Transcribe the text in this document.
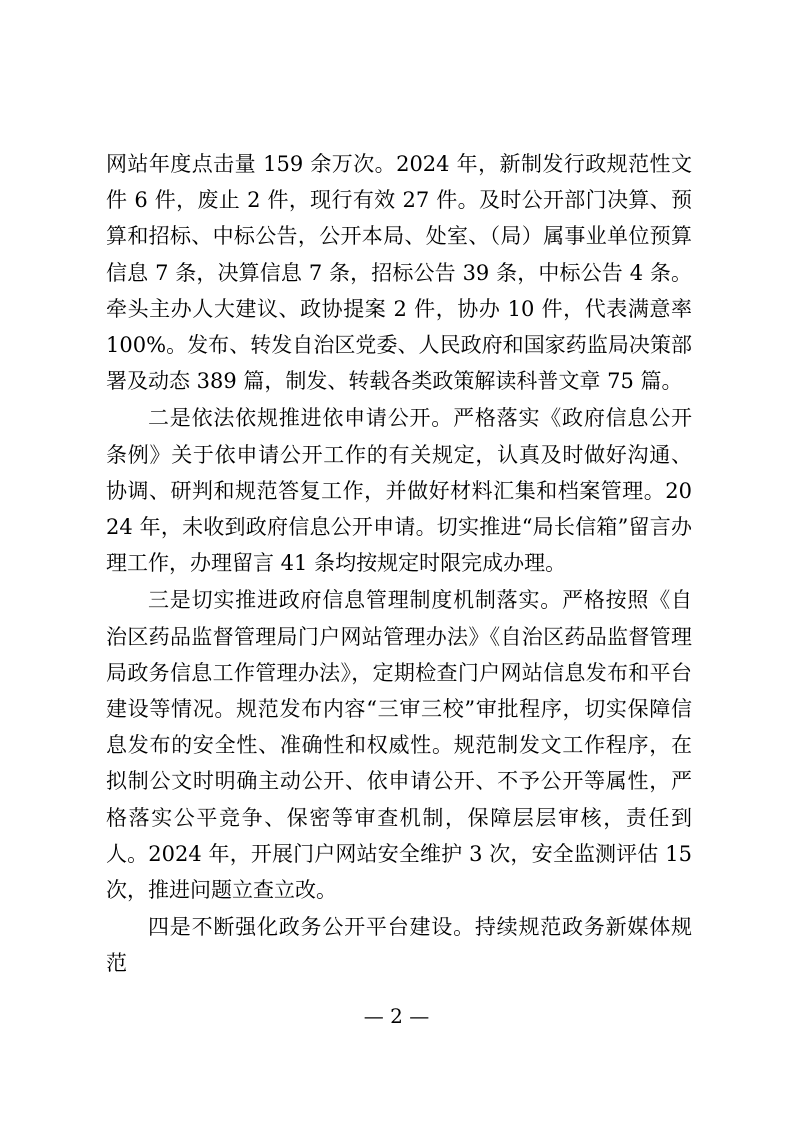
网站年度点击量 159 余万次。2024 年，新制发行政规范性文件 6 件，废止 2 件，现行有效 27 件。及时公开部门决算、预算和招标、中标公告，公开本局、处室、（局）属事业单位预算信息 7 条，决算信息 7 条，招标公告 39 条，中标公告 4 条。牵头主办人大建议、政协提案 2 件，协办 10 件，代表满意率 100%。发布、转发自治区党委、人民政府和国家药监局决策部署及动态 389 篇，制发、转载各类政策解读科普文章 75 篇。

二是依法依规推进依申请公开。严格落实《政府信息公开条例》关于依申请公开工作的有关规定，认真及时做好沟通、协调、研判和规范答复工作，并做好材料汇集和档案管理。2024 年，未收到政府信息公开申请。切实推进“局长信箱”留言办理工作，办理留言 41 条均按规定时限完成办理。

三是切实推进政府信息管理制度机制落实。严格按照《自治区药品监督管理局门户网站管理办法》《自治区药品监督管理局政务信息工作管理办法》，定期检查门户网站信息发布和平台建设等情况。规范发布内容“三审三校”审批程序，切实保障信息发布的安全性、准确性和权威性。规范制发文工作程序，在拟制公文时明确主动公开、依申请公开、不予公开等属性，严格落实公平竞争、保密等审查机制，保障层层审核，责任到人。2024 年，开展门户网站安全维护 3 次，安全监测评估 15 次，推进问题立查立改。

四是不断强化政务公开平台建设。持续规范政务新媒体规范

— 2 —
